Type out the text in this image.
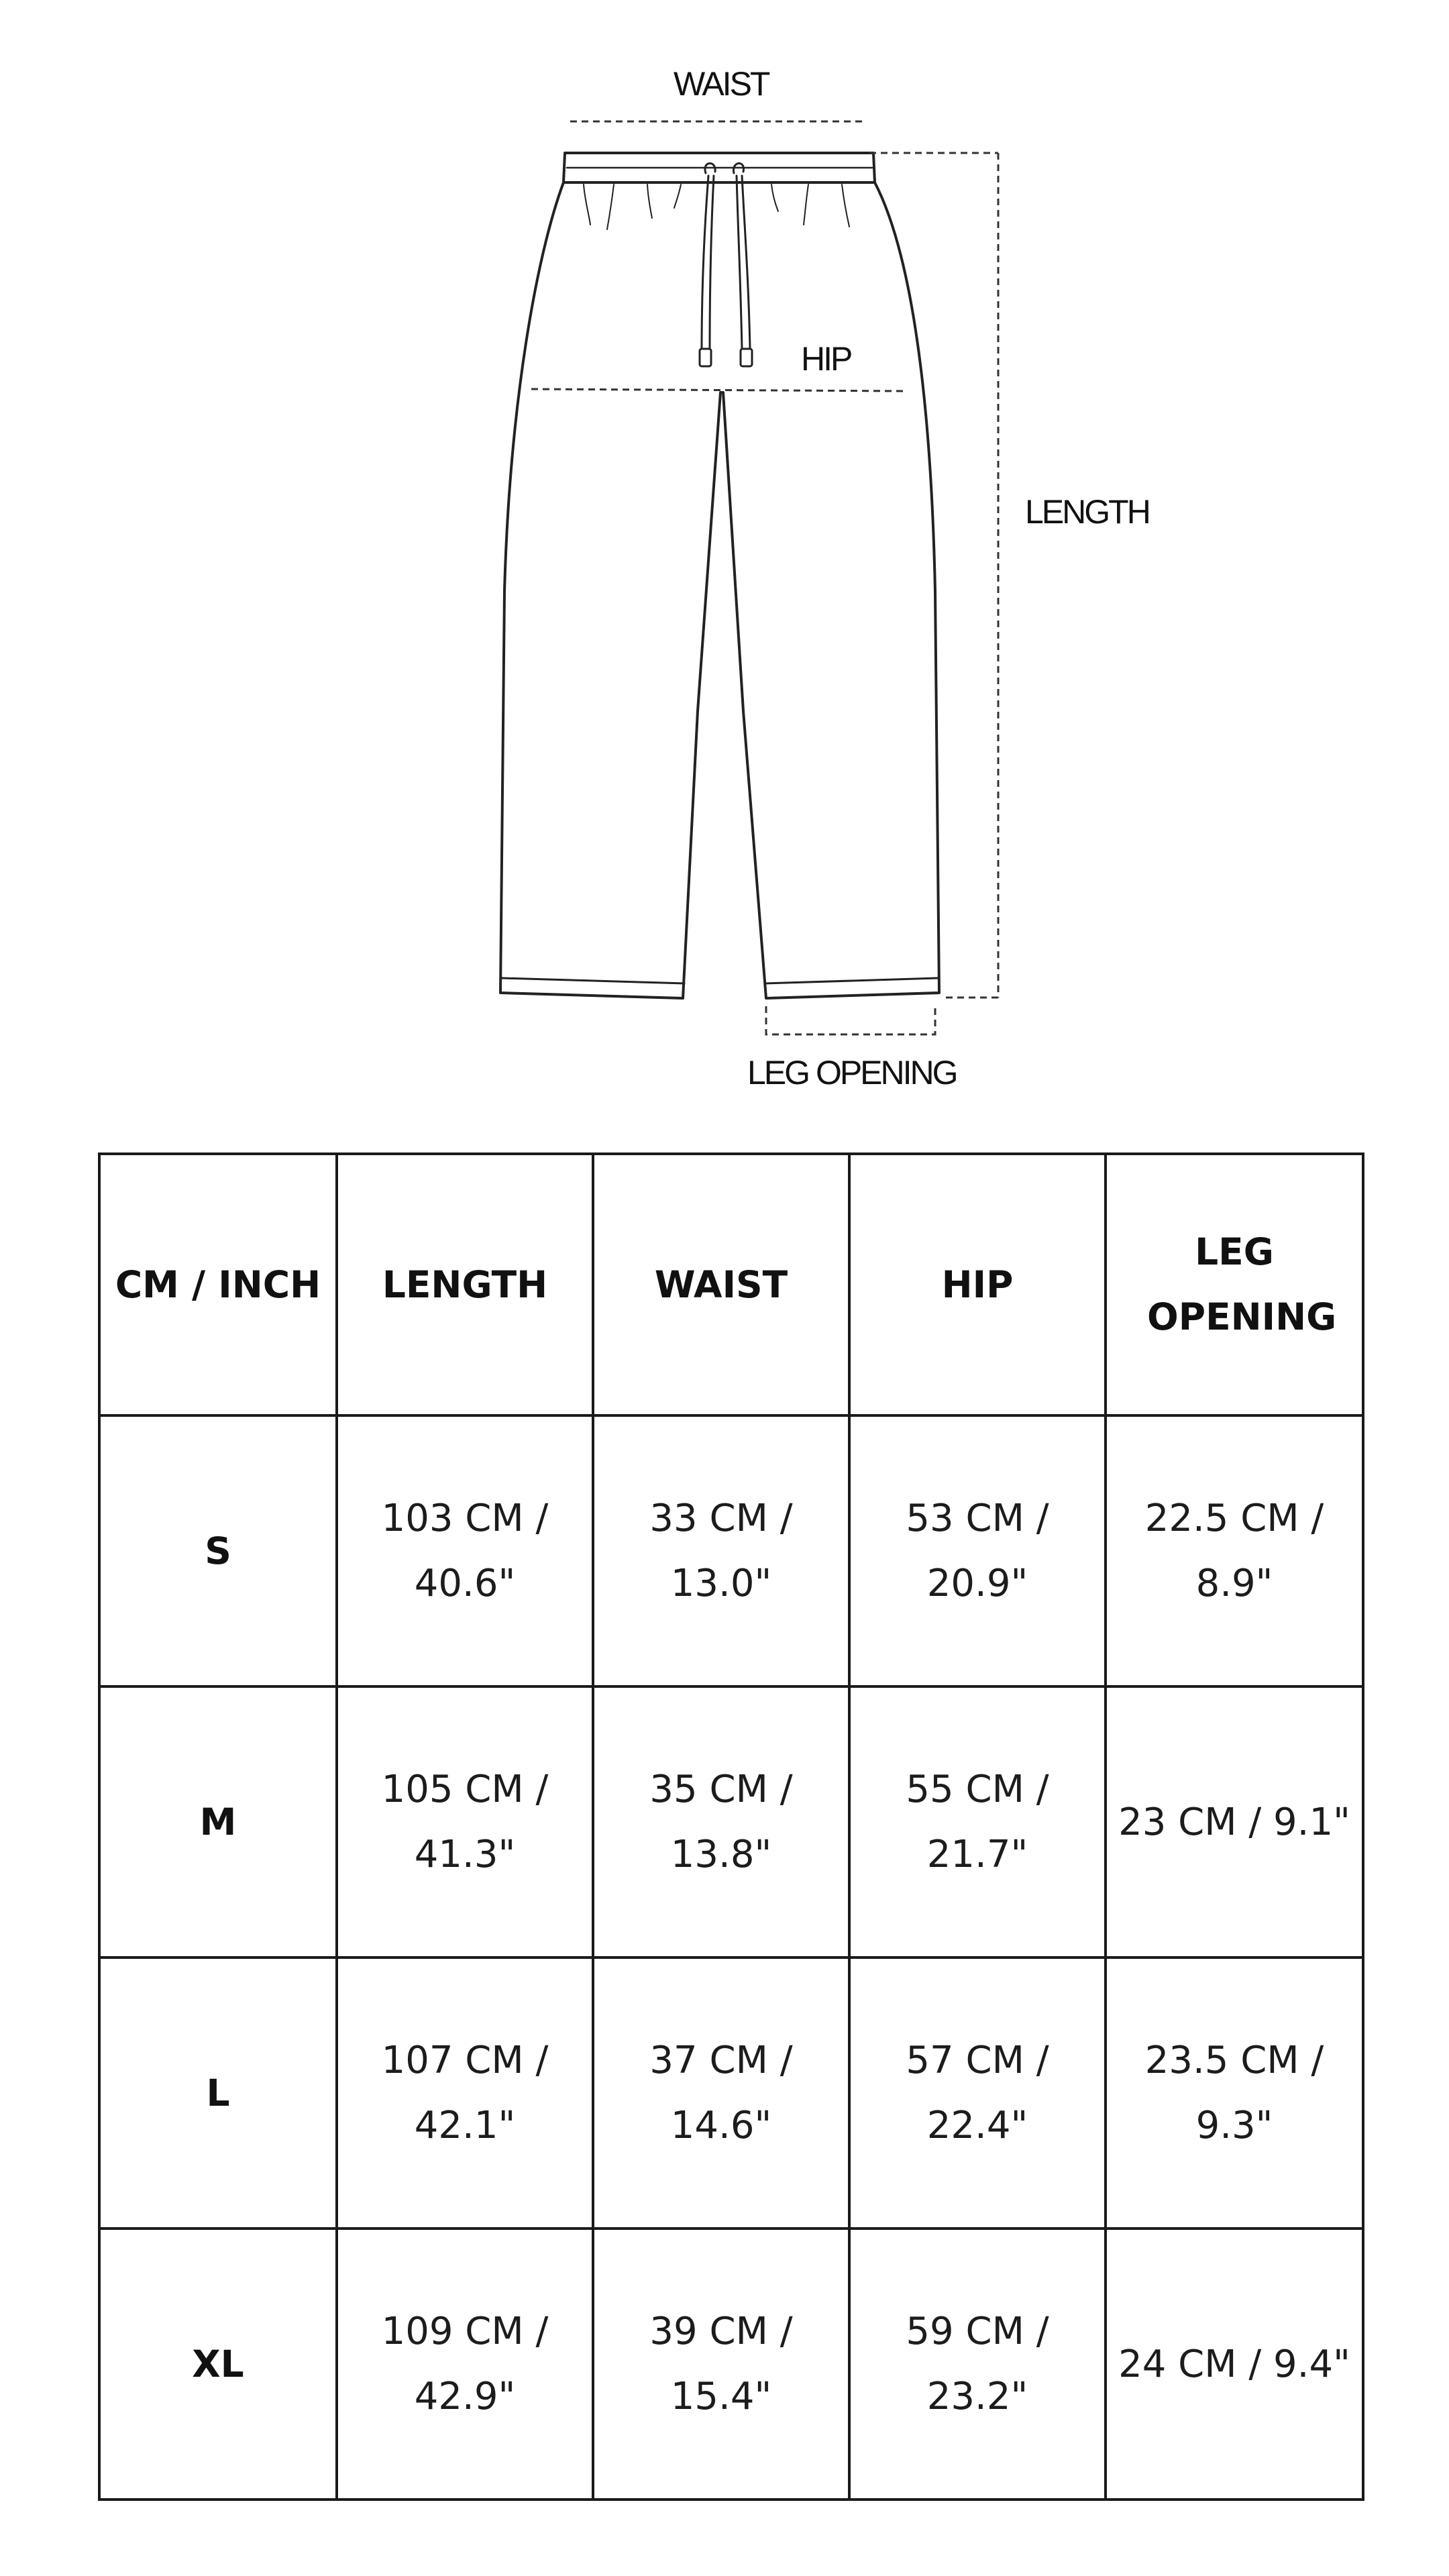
WAIST
HIP
LENGTH
LEG OPENING
CM / INCH	LENGTH	WAIST	HIP	LEG OPENING
S	103 CM / 40.6"	33 CM / 13.0"	53 CM / 20.9"	22.5 CM / 8.9"
M	105 CM / 41.3"	35 CM / 13.8"	55 CM / 21.7"	23 CM / 9.1"
L	107 CM / 42.1"	37 CM / 14.6"	57 CM / 22.4"	23.5 CM / 9.3"
XL	109 CM / 42.9"	39 CM / 15.4"	59 CM / 23.2"	24 CM / 9.4"
